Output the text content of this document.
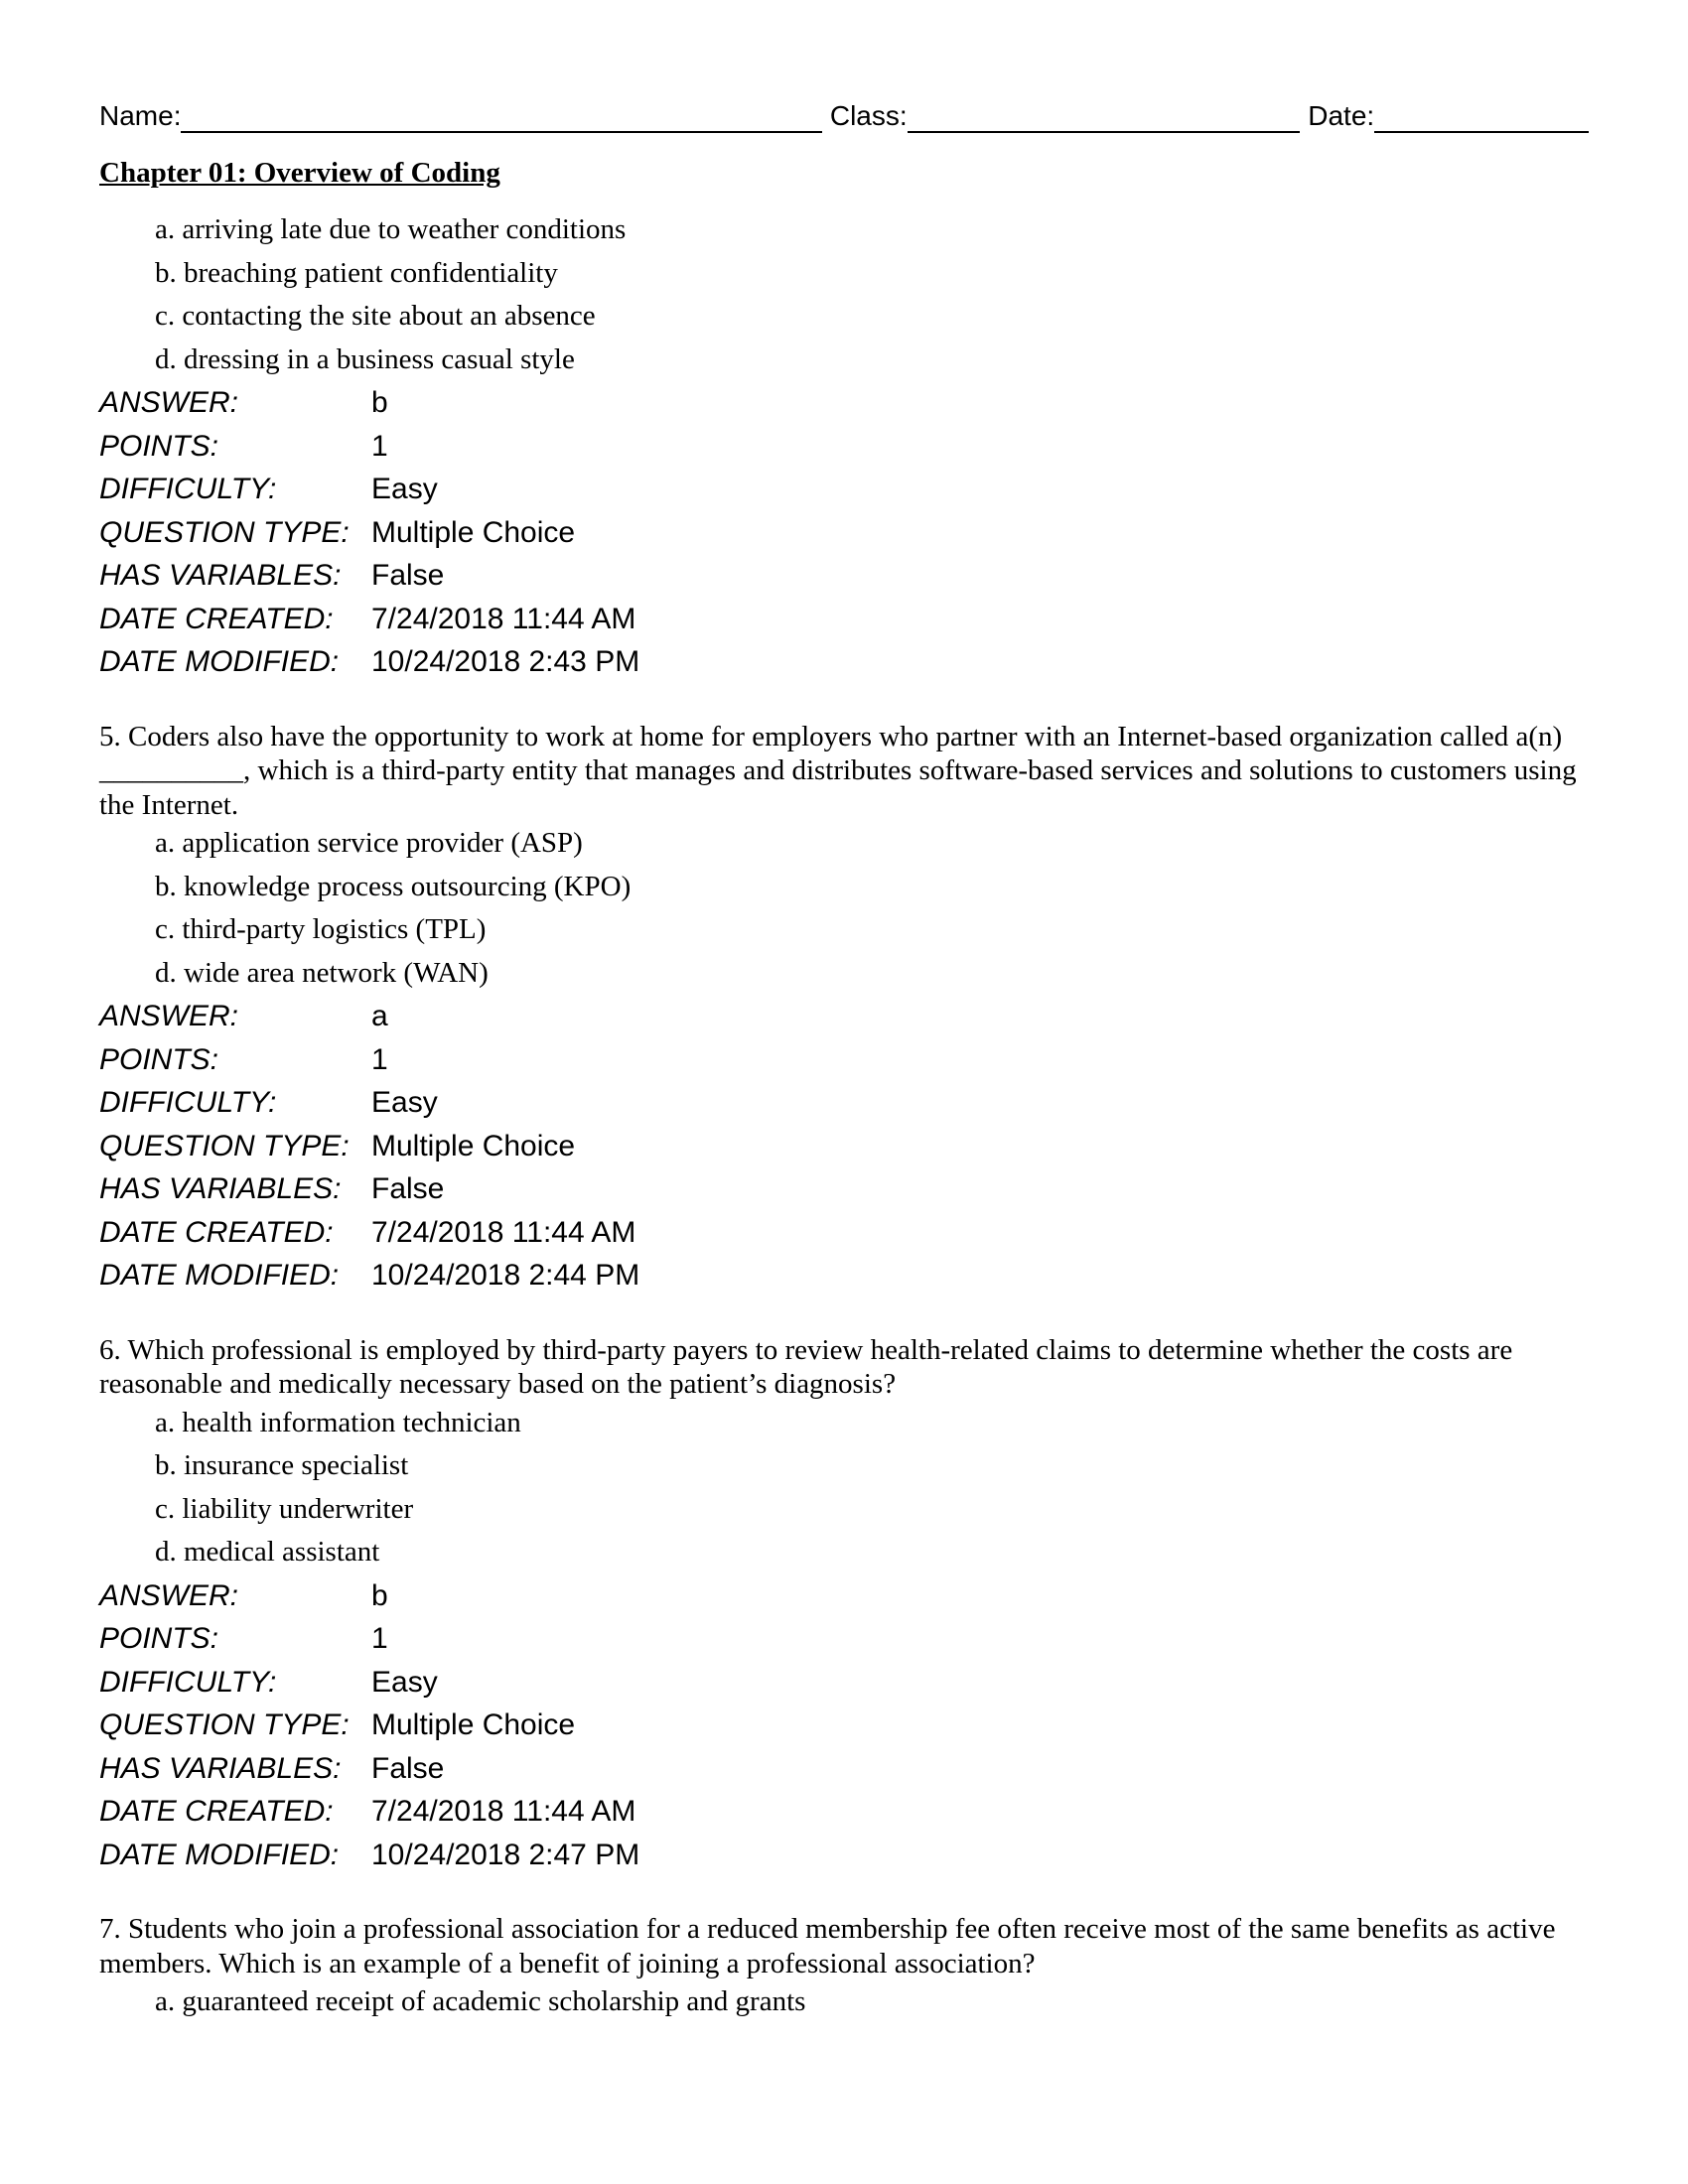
Name:	Class:	Date:
Chapter 01: Overview of Coding
a. arriving late due to weather conditions
b. breaching patient confidentiality
c. contacting the site about an absence
d. dressing in a business casual style
ANSWER:	b
POINTS:	1
DIFFICULTY:	Easy
QUESTION TYPE: Multiple Choice
HAS VARIABLES:	False
DATE CREATED:	7/24/2018 11:44 AM
DATE MODIFIED:	10/24/2018 2:43 PM
5. Coders also have the opportunity to work at home for employers who partner with an Internet-based organization called a(n) __________, which is a third-party entity that manages and distributes software-based services and solutions to customers using the Internet.
a. application service provider (ASP)
b. knowledge process outsourcing (KPO)
c. third-party logistics (TPL)
d. wide area network (WAN)
ANSWER:	a
POINTS:	1
DIFFICULTY:	Easy
QUESTION TYPE: Multiple Choice
HAS VARIABLES:	False
DATE CREATED:	7/24/2018 11:44 AM
DATE MODIFIED:	10/24/2018 2:44 PM
6. Which professional is employed by third-party payers to review health-related claims to determine whether the costs are reasonable and medically necessary based on the patient’s diagnosis?
a. health information technician
b. insurance specialist
c. liability underwriter
d. medical assistant
ANSWER:	b
POINTS:	1
DIFFICULTY:	Easy
QUESTION TYPE: Multiple Choice
HAS VARIABLES:	False
DATE CREATED:	7/24/2018 11:44 AM
DATE MODIFIED:	10/24/2018 2:47 PM
7. Students who join a professional association for a reduced membership fee often receive most of the same benefits as active members. Which is an example of a benefit of joining a professional association?
a. guaranteed receipt of academic scholarship and grants
